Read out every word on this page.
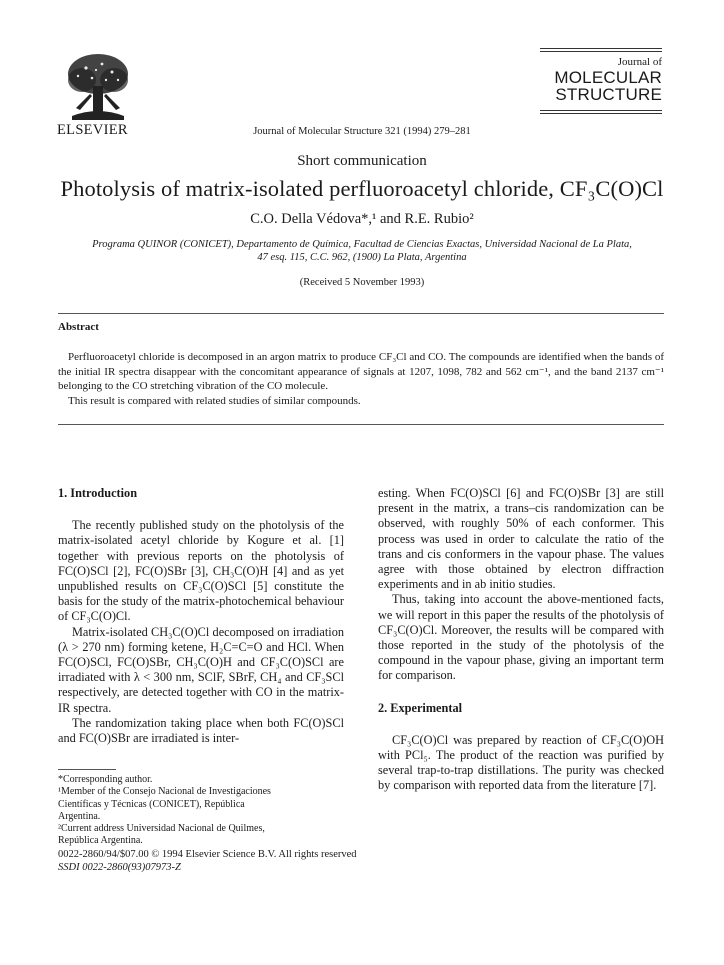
ELSEVIER	Journal of Molecular Structure 321 (1994) 279–281
Journal of
MOLECULAR
STRUCTURE
Short communication
Photolysis of matrix-isolated perfluoroacetyl chloride, CF₃C(O)Cl
C.O. Della Védova*,¹ and R.E. Rubio²
Programa QUINOR (CONICET), Departamento de Química, Facultad de Ciencias Exactas, Universidad Nacional de La Plata,
47 esq. 115, C.C. 962, (1900) La Plata, Argentina
(Received 5 November 1993)
Abstract

Perfluoroacetyl chloride is decomposed in an argon matrix to produce CF₃Cl and CO. The compounds are identified when the bands of the initial IR spectra disappear with the concomitant appearance of signals at 1207, 1098, 782 and 562 cm⁻¹, and the band 2137 cm⁻¹ belonging to the CO stretching vibration of the CO molecule.

This result is compared with related studies of similar compounds.

1. Introduction

The recently published study on the photolysis of the matrix-isolated acetyl chloride by Kogure et al. [1] together with previous reports on the photolysis of FC(O)SCl [2], FC(O)SBr [3], CH₃C(O)H [4] and as yet unpublished results on CF₃C(O)SCl [5] constitute the basis for the study of the matrix-photochemical behaviour of CF₃C(O)Cl.

Matrix-isolated CH₃C(O)Cl decomposed on irradiation (λ > 270 nm) forming ketene, H₂C=C=O and HCl. When FC(O)SCl, FC(O)SBr, CH₃C(O)H and CF₃C(O)SCl are irradiated with λ < 300 nm, SClF, SBrF, CH₄ and CF₃SCl respectively, are detected together with CO in the matrix-IR spectra.

The randomization taking place when both FC(O)SCl and FC(O)SBr are irradiated is inter-

*Corresponding author.
¹Member of the Consejo Nacional de Investigaciones Científicas y Técnicas (CONICET), República Argentina.
²Current address Universidad Nacional de Quilmes, República Argentina.

esting. When FC(O)SCl [6] and FC(O)SBr [3] are still present in the matrix, a trans–cis randomization can be observed, with roughly 50% of each conformer. This process was used in order to calculate the ratio of the trans and cis conformers in the vapour phase. The values agree with those obtained by electron diffraction experiments and in ab initio studies.

Thus, taking into account the above-mentioned facts, we will report in this paper the results of the photolysis of CF₃C(O)Cl. Moreover, the results will be compared with those reported in the study of the photolysis of the compound in the vapour phase, giving an important term for comparison.

2. Experimental

CF₃C(O)Cl was prepared by reaction of CF₃C(O)OH with PCl₅. The product of the reaction was purified by several trap-to-trap distillations. The purity was checked by comparison with reported data from the literature [7].

0022-2860/94/$07.00 © 1994 Elsevier Science B.V. All rights reserved
SSDI 0022-2860(93)07973-Z
